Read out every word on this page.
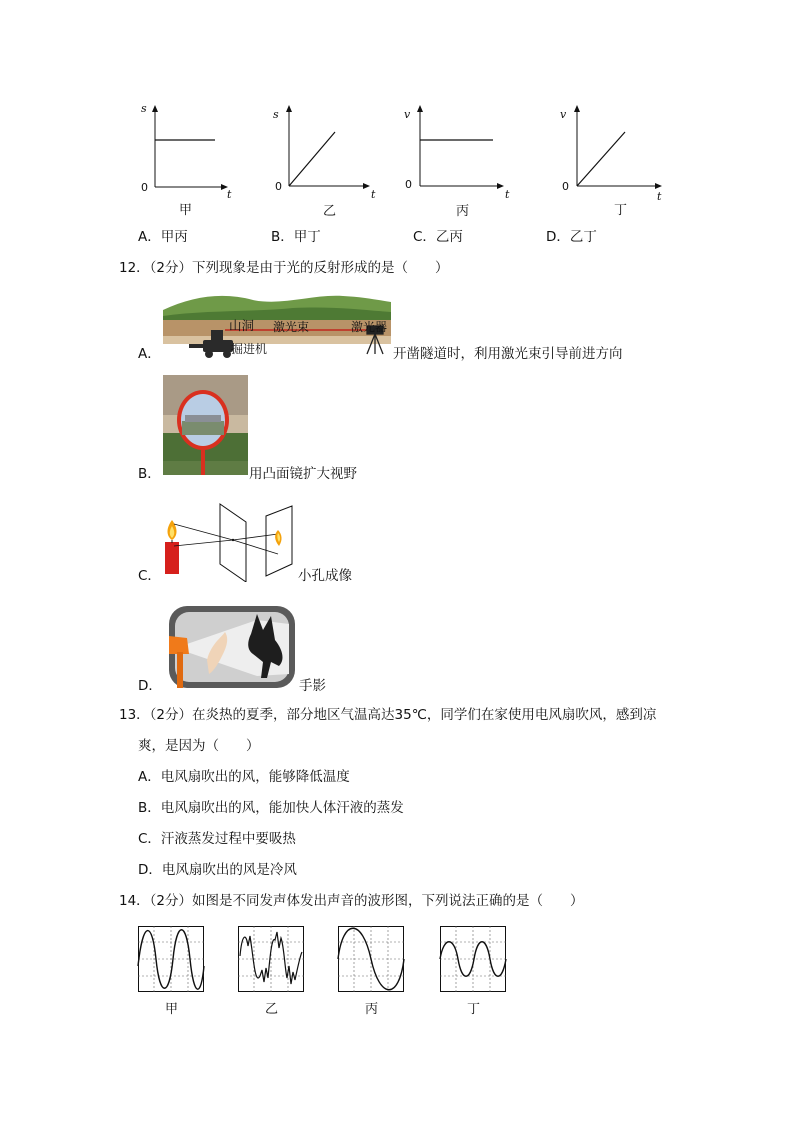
s
t
0
甲
s
t
0
乙
v
t
0
丙
v
t
0
丁
A．甲丙	B．甲丁	C．乙丙	D．乙丁
12．（2分）下列现象是由于光的反射形成的是（　　）
A．
山洞 激光束	激光器
掘进机	开凿隧道时，利用激光束引导前进方向
B．	用凸面镜扩大视野
C．	小孔成像
D．	手影
13．（2分）在炎热的夏季，部分地区气温高达35℃，同学们在家使用电风扇吹风，感到凉
爽，是因为（　　）
A．电风扇吹出的风，能够降低温度
B．电风扇吹出的风，能加快人体汗液的蒸发
C．汗液蒸发过程中要吸热
D．电风扇吹出的风是冷风
14．（2分）如图是不同发声体发出声音的波形图，下列说法正确的是（　　）
甲	乙	丙	丁
